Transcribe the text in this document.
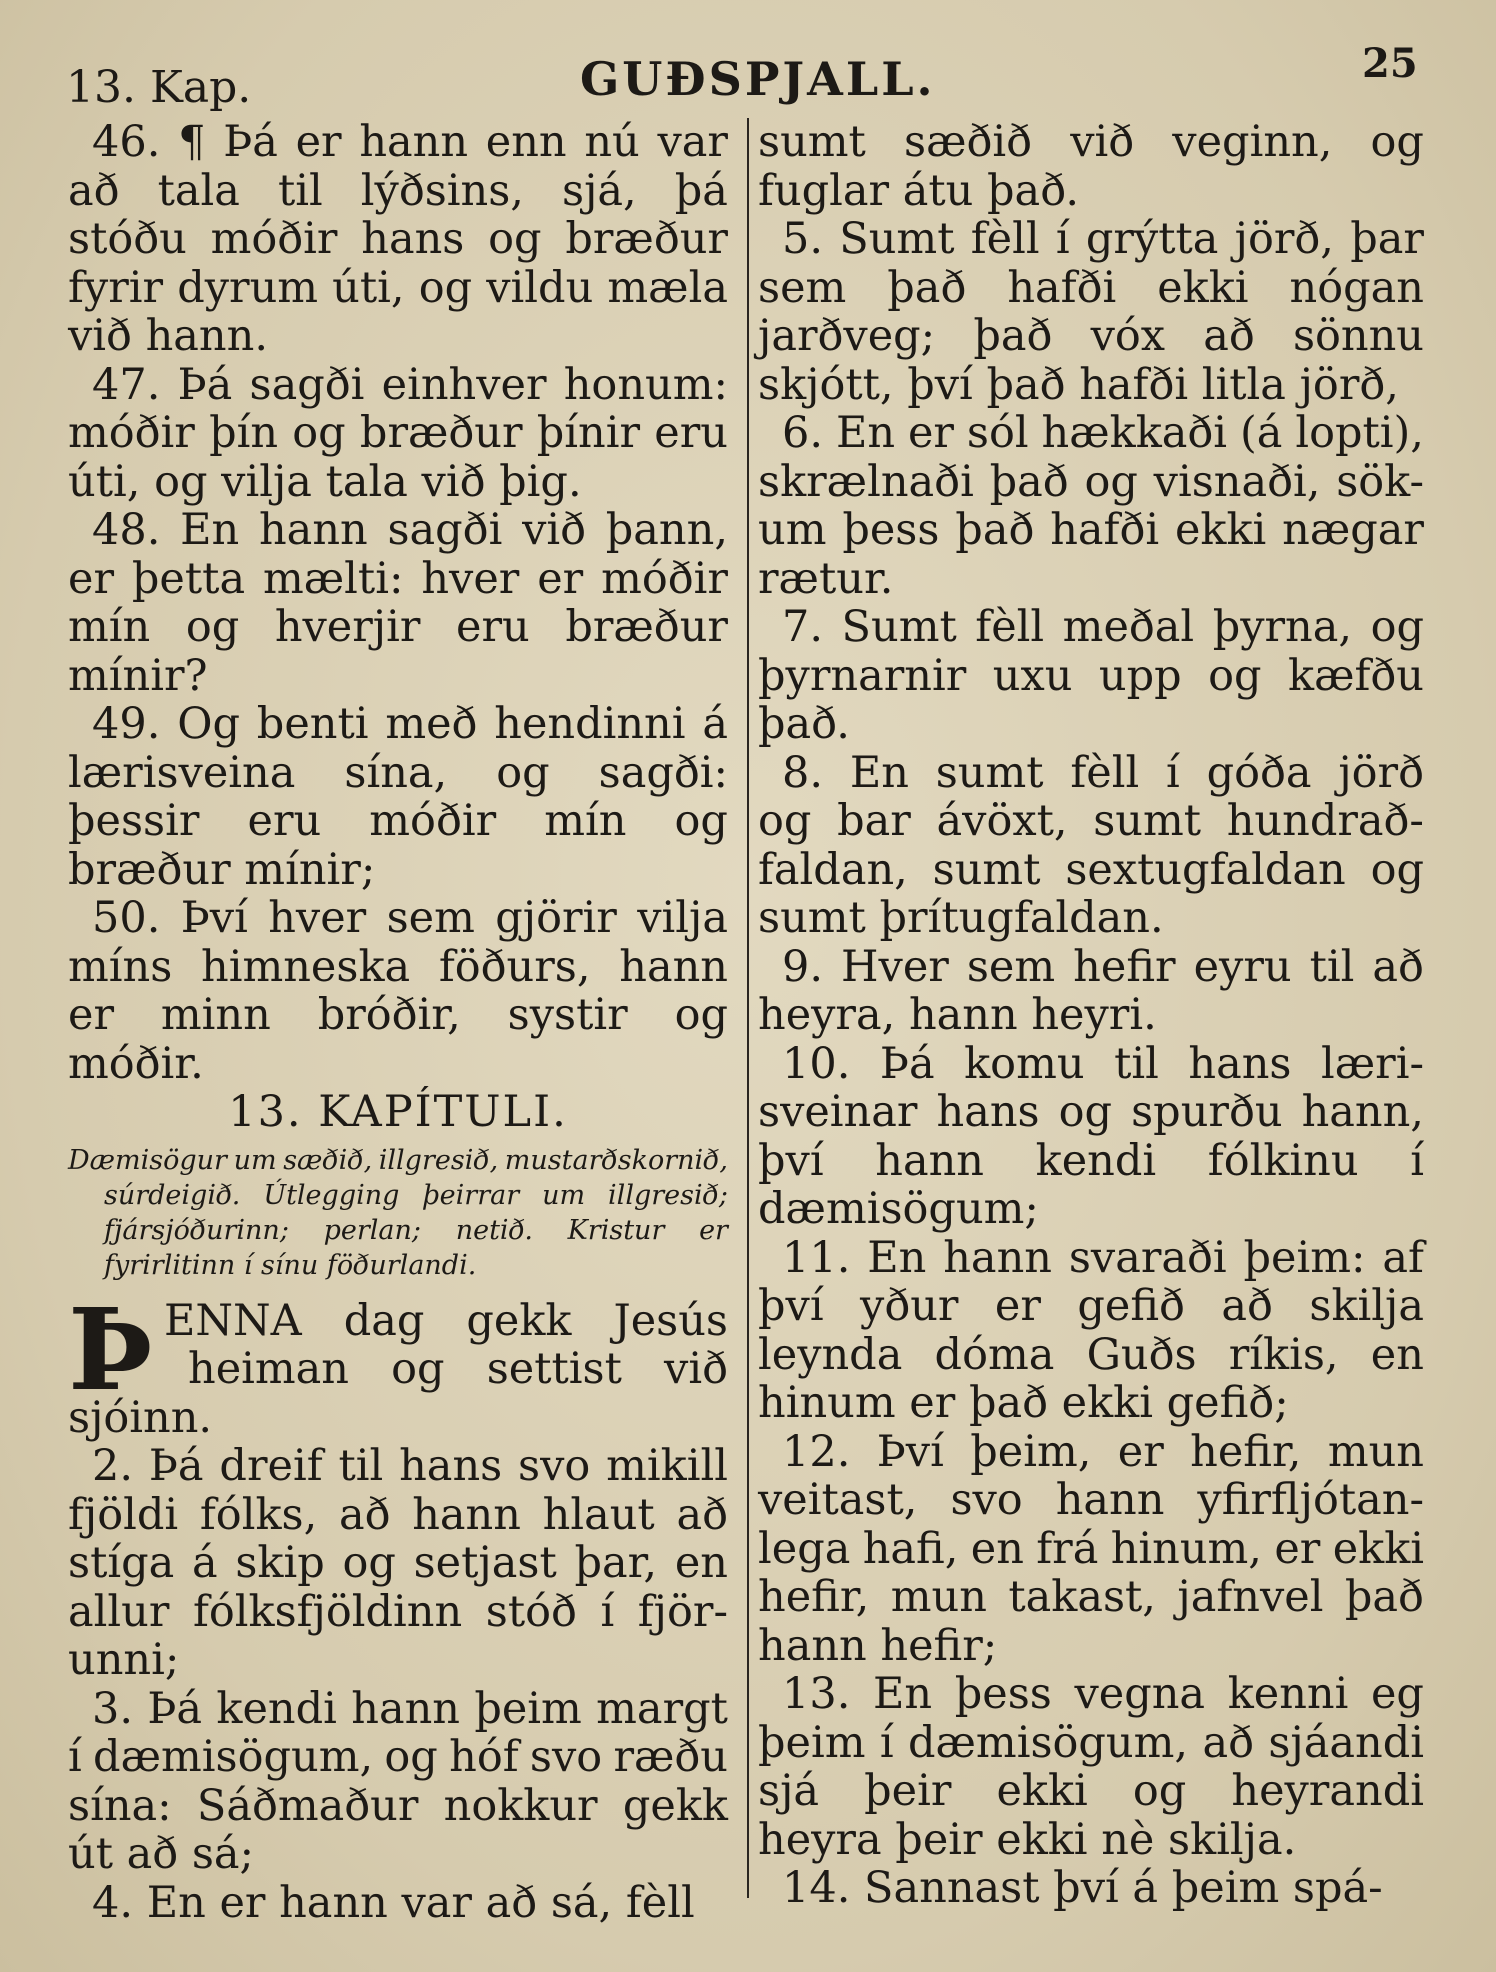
13. Kap.	GUÐSPJALL.	25
46. ¶ Þá er hann enn nú var
að tala til lýðsins, sjá, þá
stóðu móðir hans og bræður
fyrir dyrum úti, og vildu mæla
við hann.
47. Þá sagði einhver honum:
móðir þín og bræður þínir eru
úti, og vilja tala við þig.
48. En hann sagði við þann,
er þetta mælti: hver er móðir
mín og hverjir eru bræður
mínir?
49. Og benti með hendinni á
lærisveina sína, og sagði:
þessir eru móðir mín og
bræður mínir;
50. Því hver sem gjörir vilja
míns himneska föðurs, hann
er minn bróðir, systir og
móðir.
13. KAPÍTULI.
Dæmisögur um sæðið, illgresið, mustarðskornið,
súrdeigið. Útlegging þeirrar um illgresið;
fjársjóðurinn; perlan; netið. Kristur er
fyrirlitinn í sínu föðurlandi.
Þ ENNA dag gekk Jesús
heiman og settist við
sjóinn.
2. Þá dreif til hans svo mikill
fjöldi fólks, að hann hlaut að
stíga á skip og setjast þar, en
allur fólksfjöldinn stóð í fjör-
unni;
3. Þá kendi hann þeim margt
í dæmisögum, og hóf svo ræðu
sína: Sáðmaður nokkur gekk
út að sá;
4. En er hann var að sá, fèll
sumt sæðið við veginn, og
fuglar átu það.
5. Sumt fèll í grýtta jörð, þar
sem það hafði ekki nógan
jarðveg; það vóx að sönnu
skjótt, því það hafði litla jörð,
6. En er sól hækkaði (á lopti),
skrælnaði það og visnaði, sök-
um þess það hafði ekki nægar
rætur.
7. Sumt fèll meðal þyrna, og
þyrnarnir uxu upp og kæfðu
það.
8. En sumt fèll í góða jörð
og bar ávöxt, sumt hundrað-
faldan, sumt sextugfaldan og
sumt þrítugfaldan.
9. Hver sem hefir eyru til að
heyra, hann heyri.
10. Þá komu til hans læri-
sveinar hans og spurðu hann,
því hann kendi fólkinu í
dæmisögum;
11. En hann svaraði þeim: af
því yður er gefið að skilja
leynda dóma Guðs ríkis, en
hinum er það ekki gefið;
12. Því þeim, er hefir, mun
veitast, svo hann yfirfljótan-
lega hafi, en frá hinum, er ekki
hefir, mun takast, jafnvel það
hann hefir;
13. En þess vegna kenni eg
þeim í dæmisögum, að sjáandi
sjá þeir ekki og heyrandi
heyra þeir ekki nè skilja.
14. Sannast því á þeim spá-
